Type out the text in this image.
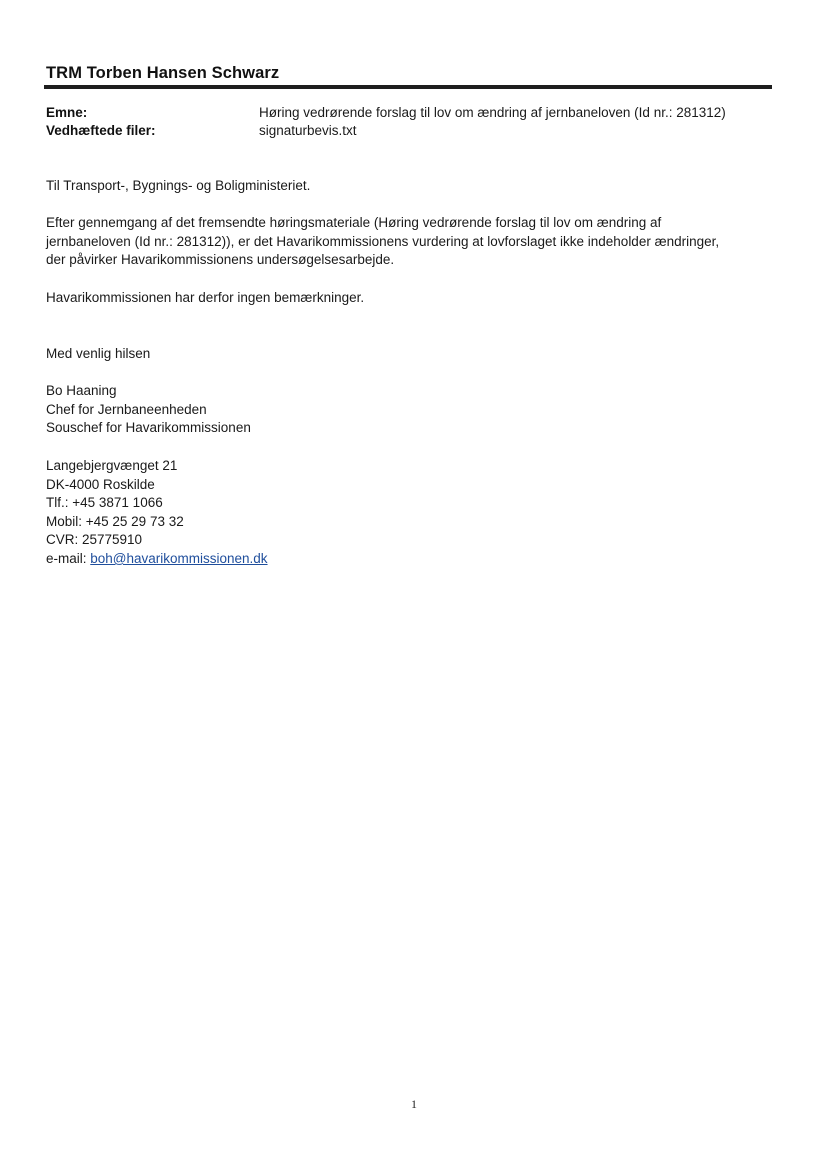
TRM Torben Hansen Schwarz
Emne:	Høring vedrørende forslag til lov om ændring af jernbaneloven (Id nr.: 281312)
Vedhæftede filer:	signaturbevis.txt

Til Transport-, Bygnings- og Boligministeriet.

Efter gennemgang af det fremsendte høringsmateriale (Høring vedrørende forslag til lov om ændring af
jernbaneloven (Id nr.: 281312)), er det Havarikommissionens vurdering at lovforslaget ikke indeholder ændringer,
der påvirker Havarikommissionens undersøgelsesarbejde.

Havarikommissionen har derfor ingen bemærkninger.

Med venlig hilsen

Bo Haaning
Chef for Jernbaneenheden
Souschef for Havarikommissionen
Langebjergvænget 21
DK-4000 Roskilde
Tlf.: +45 3871 1066
Mobil: +45 25 29 73 32
CVR: 25775910
e-mail: boh@havarikommissionen.dk
1
